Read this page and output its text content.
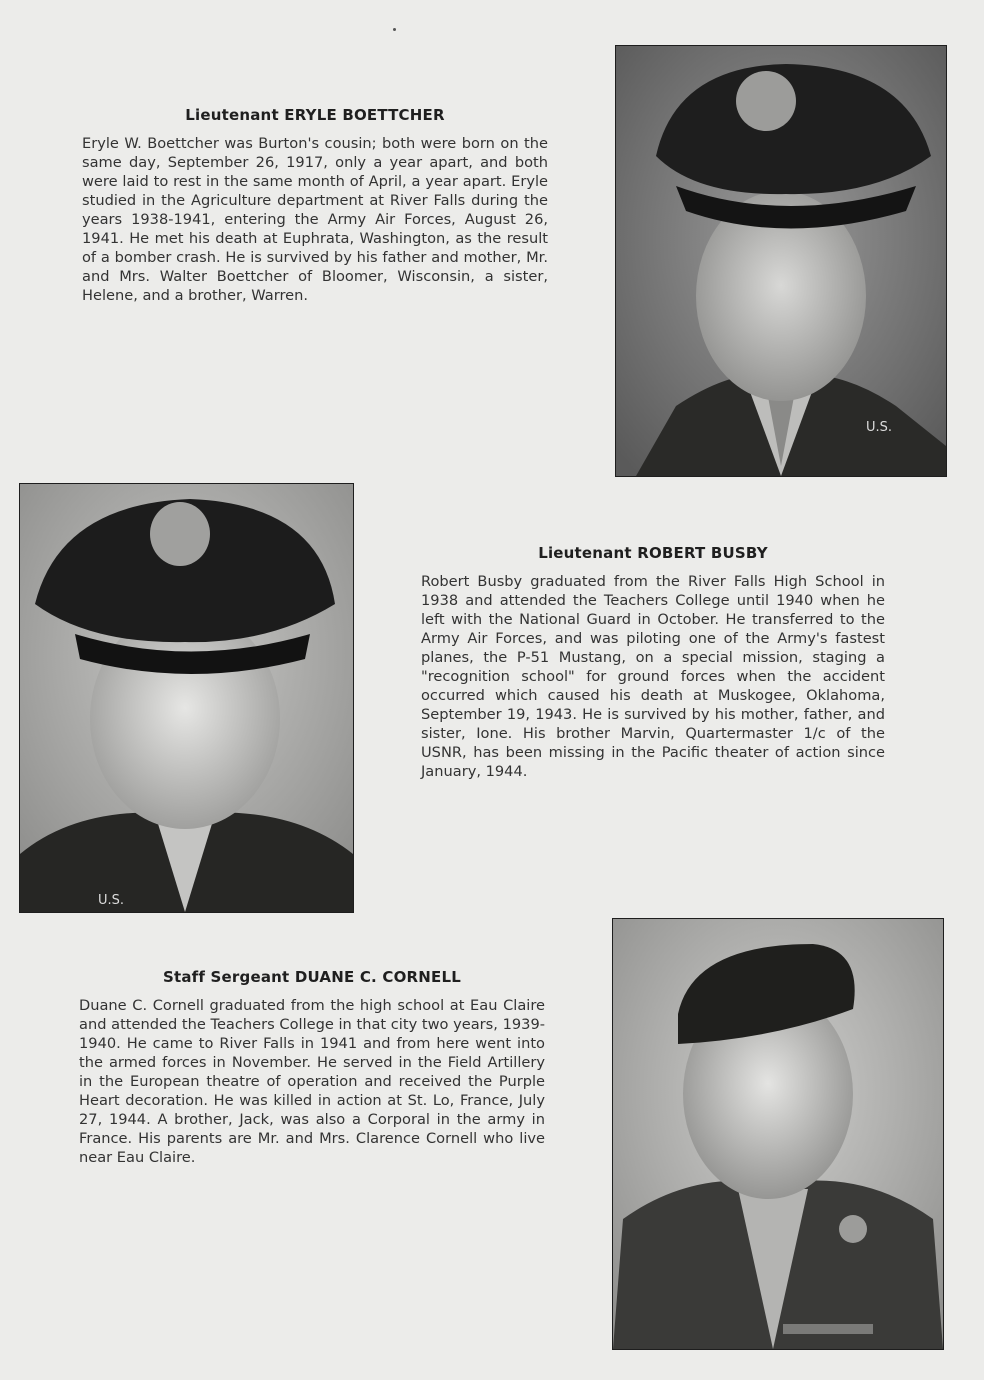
Lieutenant ERYLE BOETTCHER

Eryle W. Boettcher was Burton's cousin; both were born on the same day, September 26, 1917, only a year apart, and both were laid to rest in the same month of April, a year apart. Eryle studied in the Agriculture department at River Falls during the years 1938-1941, entering the Army Air Forces, August 26, 1941. He met his death at Euphrata, Washington, as the result of a bomber crash. He is survived by his father and mother, Mr. and Mrs. Walter Boettcher of Bloomer, Wisconsin, a sister, Helene, and a brother, Warren.

U.S.
U.S.
Lieutenant ROBERT BUSBY

Robert Busby graduated from the River Falls High School in 1938 and attended the Teachers College until 1940 when he left with the National Guard in October. He transferred to the Army Air Forces, and was piloting one of the Army's fastest planes, the P-51 Mustang, on a special mission, staging a "recognition school" for ground forces when the accident occurred which caused his death at Muskogee, Oklahoma, September 19, 1943. He is survived by his mother, father, and sister, Ione. His brother Marvin, Quartermaster 1/c of the USNR, has been missing in the Pacific theater of action since January, 1944.

Staff Sergeant DUANE C. CORNELL

Duane C. Cornell graduated from the high school at Eau Claire and attended the Teachers College in that city two years, 1939-1940. He came to River Falls in 1941 and from here went into the armed forces in November. He served in the Field Artillery in the European theatre of operation and received the Purple Heart decoration. He was killed in action at St. Lo, France, July 27, 1944. A brother, Jack, was also a Corporal in the army in France. His parents are Mr. and Mrs. Clarence Cornell who live near Eau Claire.
